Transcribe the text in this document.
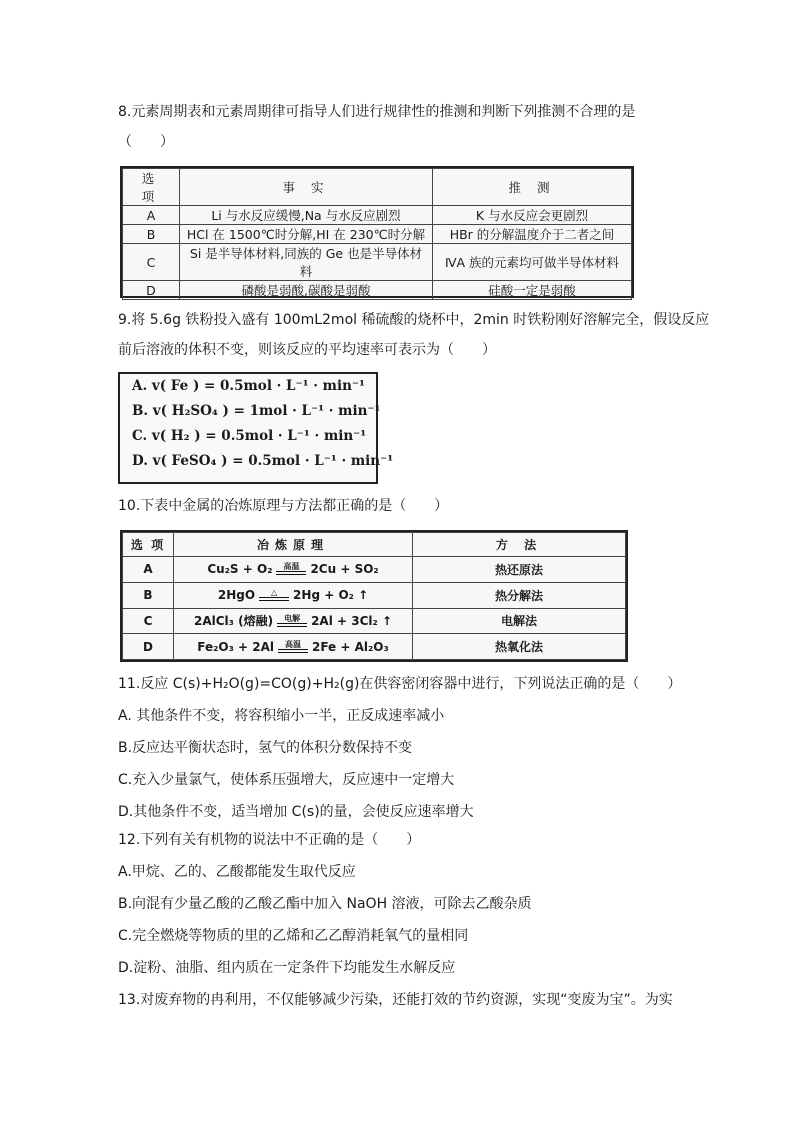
8.元素周期表和元素周期律可指导人们进行规律性的推测和判断下列推测不合理的是
（　　）
选 项	事 实	推 测
A	Li 与水反应缓慢,Na 与水反应剧烈	K 与水反应会更剧烈
B	HCl 在 1500℃时分解,HI 在 230℃时分解	HBr 的分解温度介于二者之间
C	Si 是半导体材料,同族的 Ge 也是半导体材料	ⅣA 族的元素均可做半导体材料
D	磷酸是弱酸,碳酸是弱酸	硅酸一定是弱酸
9.将 5.6g 铁粉投入盛有 100mL2mol 稀硫酸的烧杯中，2min 时铁粉刚好溶解完全，假设反应
前后溶液的体积不变，则该反应的平均速率可表示为（　　）
A. v( Fe ) = 0.5mol · L⁻¹ · min⁻¹
B. v( H₂SO₄ ) = 1mol · L⁻¹ · min⁻¹
C. v( H₂ ) = 0.5mol · L⁻¹ · min⁻¹
D. v( FeSO₄ ) = 0.5mol · L⁻¹ · min⁻¹
10.下表中金属的冶炼原理与方法都正确的是（　　）
选 项	冶炼原理	方 法
A	Cu₂S + O₂ 高温 2Cu + SO₂	热还原法
B	2HgO △ 2Hg + O₂ ↑	热分解法
C	2AlCl₃ (熔融) 电解 2Al + 3Cl₂ ↑	电解法
D	Fe₂O₃ + 2Al 高温 2Fe + Al₂O₃	热氧化法
11.反应 C(s)+H₂O(g)=CO(g)+H₂(g)在供容密闭容器中进行，下列说法正确的是（　　）
A. 其他条件不变，将容积缩小一半，正反成速率减小
B.反应达平衡状态时，氢气的体积分数保持不变
C.充入少量氯气，使体系压强增大，反应速中一定增大
D.其他条件不变，适当增加 C(s)的量，会使反应速率增大
12.下列有关有机物的说法中不正确的是（　　）
A.甲烷、乙的、乙酸都能发生取代反应
B.向混有少量乙酸的乙酸乙酯中加入 NaOH 溶液，可除去乙酸杂质
C.完全燃烧等物质的里的乙烯和乙乙醇消耗氧气的量相同
D.淀粉、油脂、组内质在一定条件下均能发生水解反应
13.对废弃物的冉利用，不仅能够减少污染，还能打效的节约资源，实现“变废为宝”。为实
